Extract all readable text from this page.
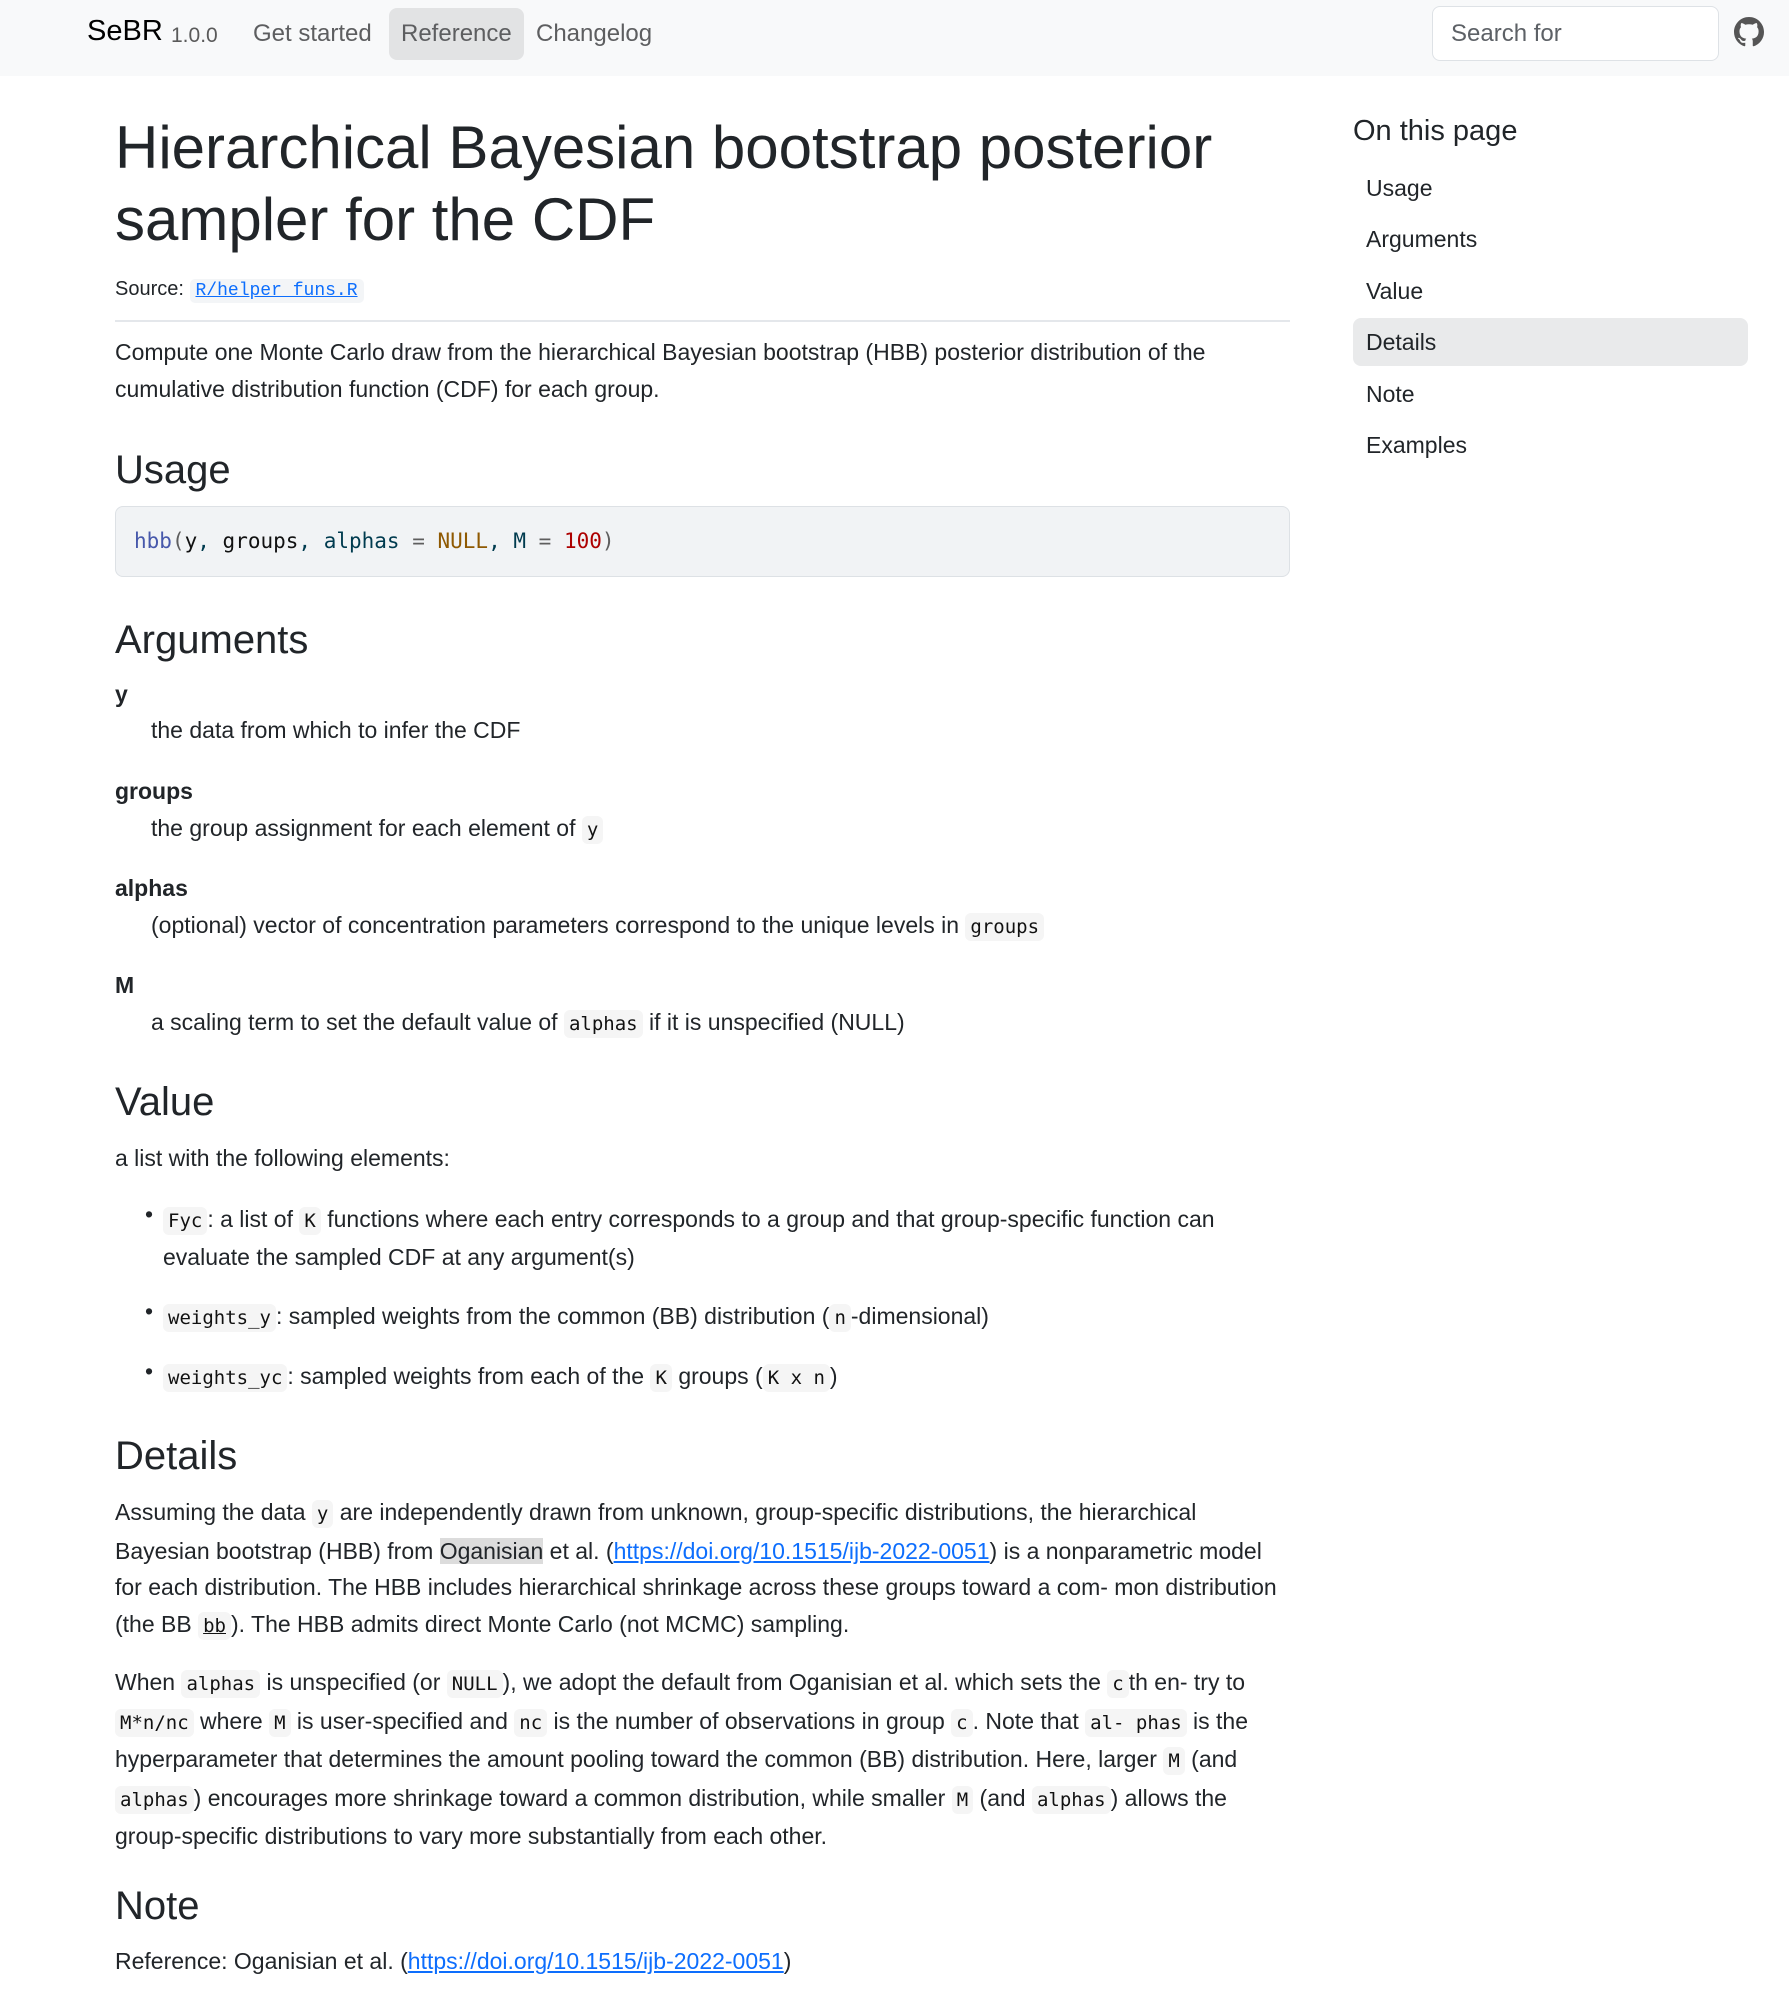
SeBR 1.0.0	Get started	Reference	Changelog
Search for
Hierarchical Bayesian bootstrap posterior sampler for the CDF
Source: R/helper_funs.R

Compute one Monte Carlo draw from the hierarchical Bayesian bootstrap (HBB) posterior distribution of the cumulative distribution function (CDF) for each group.

Usage
hbb(y, groups, alphas = NULL, M = 100)
Arguments
y
the data from which to infer the CDF
groups
the group assignment for each element of y
alphas
(optional) vector of concentration parameters correspond to the unique levels in groups
M
a scaling term to set the default value of alphas if it is unspecified (NULL)
Value

a list with the following elements:

• Fyc : a list of K functions where each entry corresponds to a group and that group-specific function can evaluate the sampled CDF at any argument(s)
• weights_y : sampled weights from the common (BB) distribution ( n -dimensional)
• weights_yc : sampled weights from each of the K groups ( K x n )
Details

Assuming the data y are independently drawn from unknown, group-specific distributions, the hierarchical Bayesian bootstrap (HBB) from Oganisian et al. (https://doi.org/10.1515/ijb-2022-0051) is a nonparametric model for each distribution. The HBB includes hierarchical shrinkage across these groups toward a com- mon distribution (the BB bb ). The HBB admits direct Monte Carlo (not MCMC) sampling.

When alphas is unspecified (or NULL ), we adopt the default from Oganisian et al. which sets the c th en- try to M*n/nc where M is user-specified and nc is the number of observations in group c . Note that al- phas is the hyperparameter that determines the amount pooling toward the common (BB) distribution. Here, larger M (and alphas ) encourages more shrinkage toward a common distribution, while smaller M (and alphas ) allows the group-specific distributions to vary more substantially from each other.

Note

Reference: Oganisian et al. (https://doi.org/10.1515/ijb-2022-0051)

On this page
Usage
Arguments
Value
Details
Note
Examples
